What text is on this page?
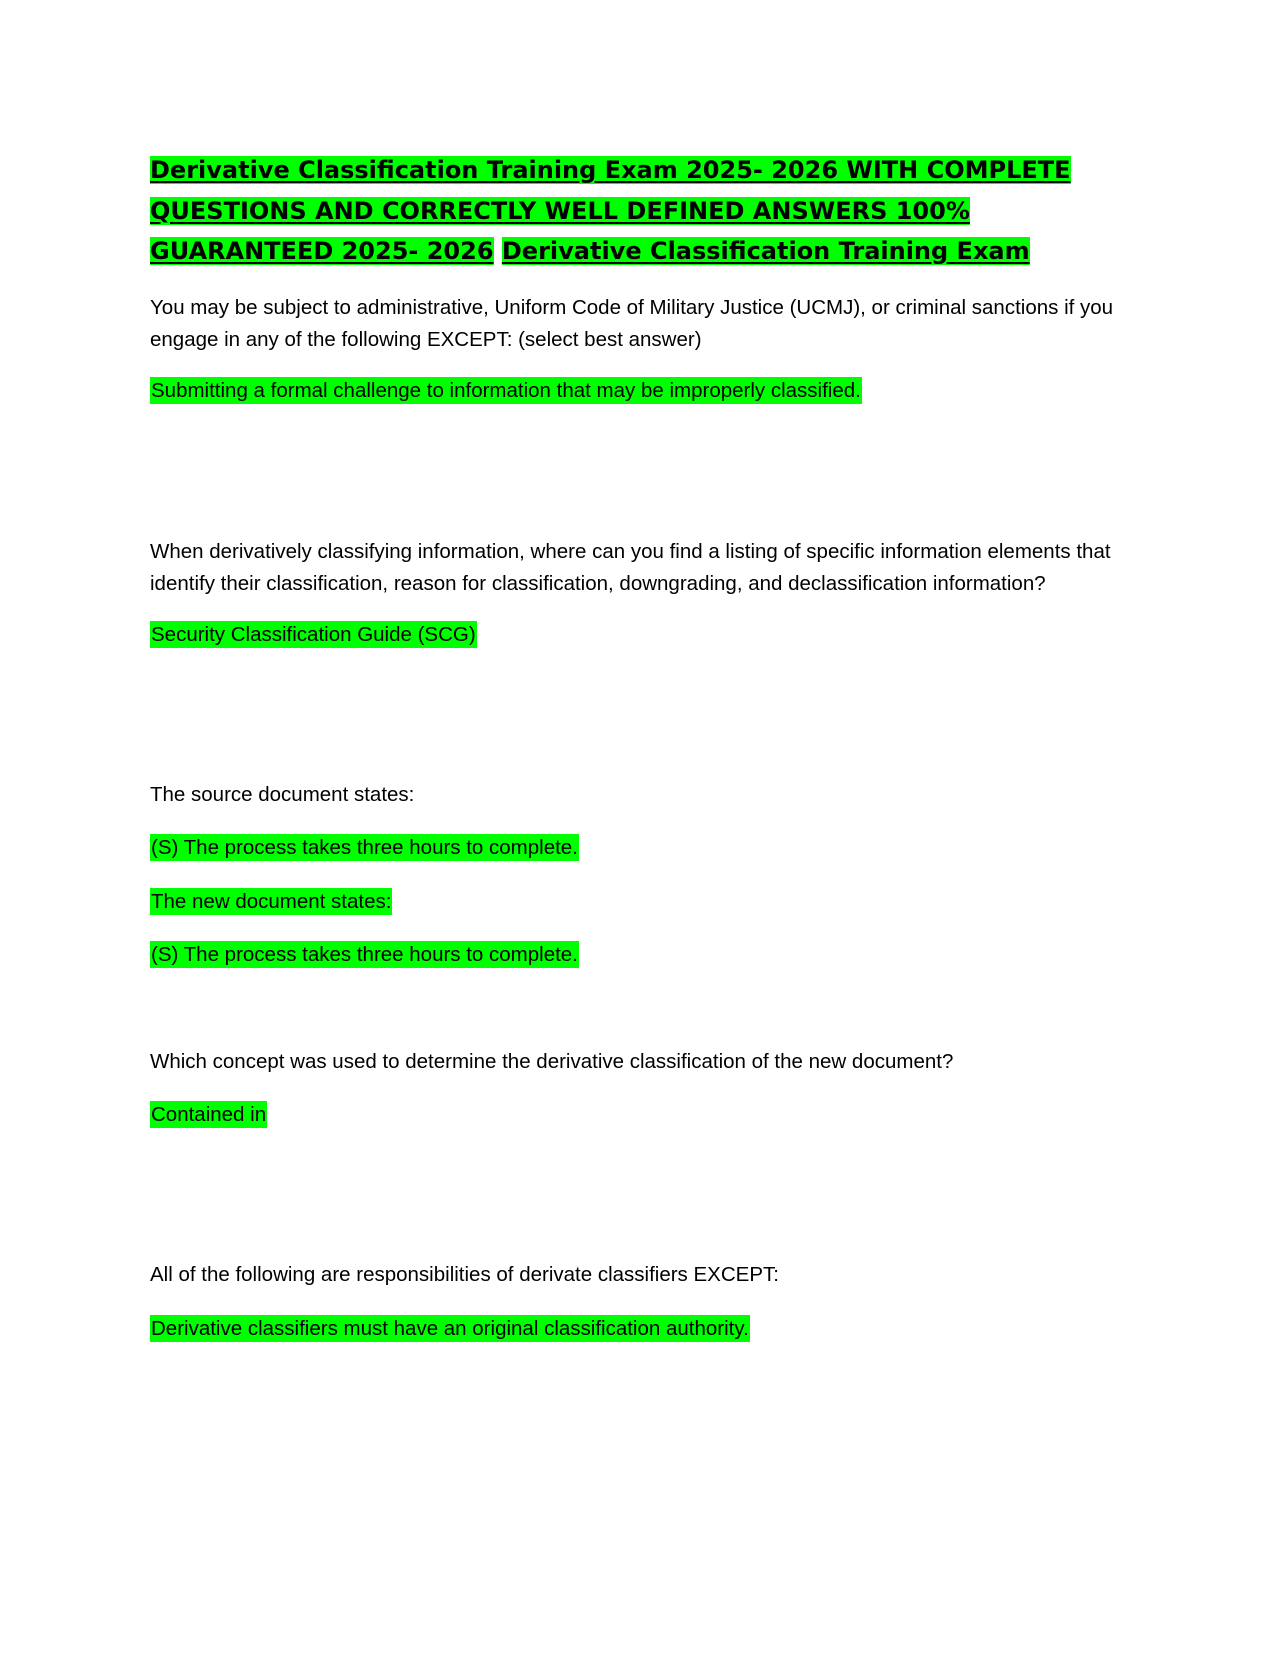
Derivative Classification Training Exam 2025- 2026 WITH COMPLETE QUESTIONS AND CORRECTLY WELL DEFINED ANSWERS 100% GUARANTEED 2025- 2026 Derivative Classification Training Exam

You may be subject to administrative, Uniform Code of Military Justice (UCMJ), or criminal sanctions if you engage in any of the following EXCEPT: (select best answer)

Submitting a formal challenge to information that may be improperly classified.

When derivatively classifying information, where can you find a listing of specific information elements that identify their classification, reason for classification, downgrading, and declassification information?

Security Classification Guide (SCG)

The source document states:

(S) The process takes three hours to complete.

The new document states:

(S) The process takes three hours to complete.

Which concept was used to determine the derivative classification of the new document?

Contained in

All of the following are responsibilities of derivate classifiers EXCEPT:

Derivative classifiers must have an original classification authority.
